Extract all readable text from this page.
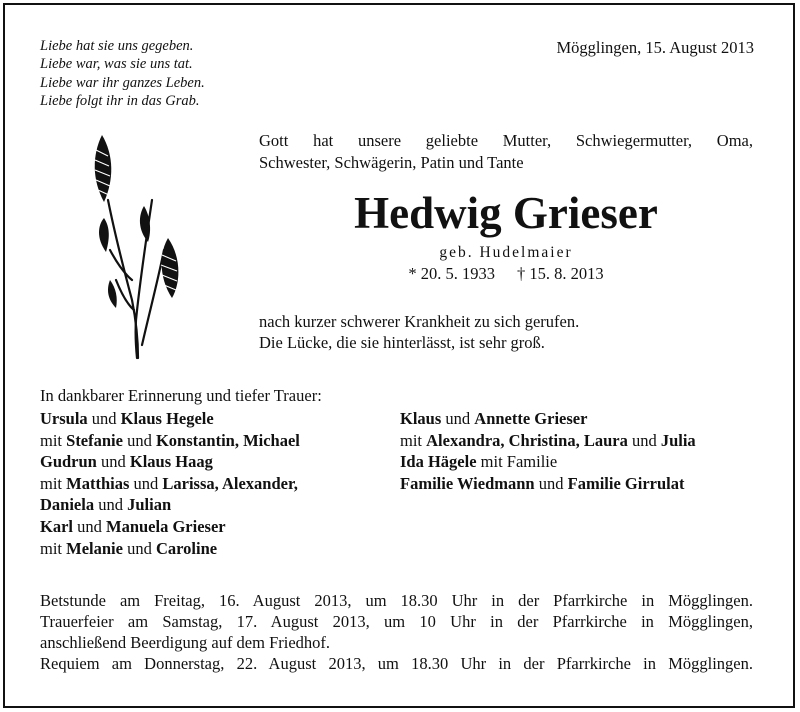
Liebe hat sie uns gegeben.
Liebe war, was sie uns tat.
Liebe war ihr ganzes Leben.
Liebe folgt ihr in das Grab.
Mögglingen, 15. August 2013
Gott hat unsere geliebte Mutter, Schwiegermutter, Oma,
Schwester, Schwägerin, Patin und Tante
Hedwig Grieser
geb. Hudelmaier
* 20. 5. 1933 † 15. 8. 2013
nach kurzer schwerer Krankheit zu sich gerufen.
Die Lücke, die sie hinterlässt, ist sehr groß.
In dankbarer Erinnerung und tiefer Trauer:
Ursula und Klaus Hegele
mit Stefanie und Konstantin, Michael
Gudrun und Klaus Haag
mit Matthias und Larissa, Alexander,
Daniela und Julian
Karl und Manuela Grieser
mit Melanie und Caroline
Klaus und Annette Grieser
mit Alexandra, Christina, Laura und Julia
Ida Hägele mit Familie
Familie Wiedmann und Familie Girrulat
Betstunde am Freitag, 16. August 2013, um 18.30 Uhr in der Pfarrkirche in Mögglingen.
Trauerfeier am Samstag, 17. August 2013, um 10 Uhr in der Pfarrkirche in Mögglingen,
anschließend Beerdigung auf dem Friedhof.
Requiem am Donnerstag, 22. August 2013, um 18.30 Uhr in der Pfarrkirche in Mögglingen.
